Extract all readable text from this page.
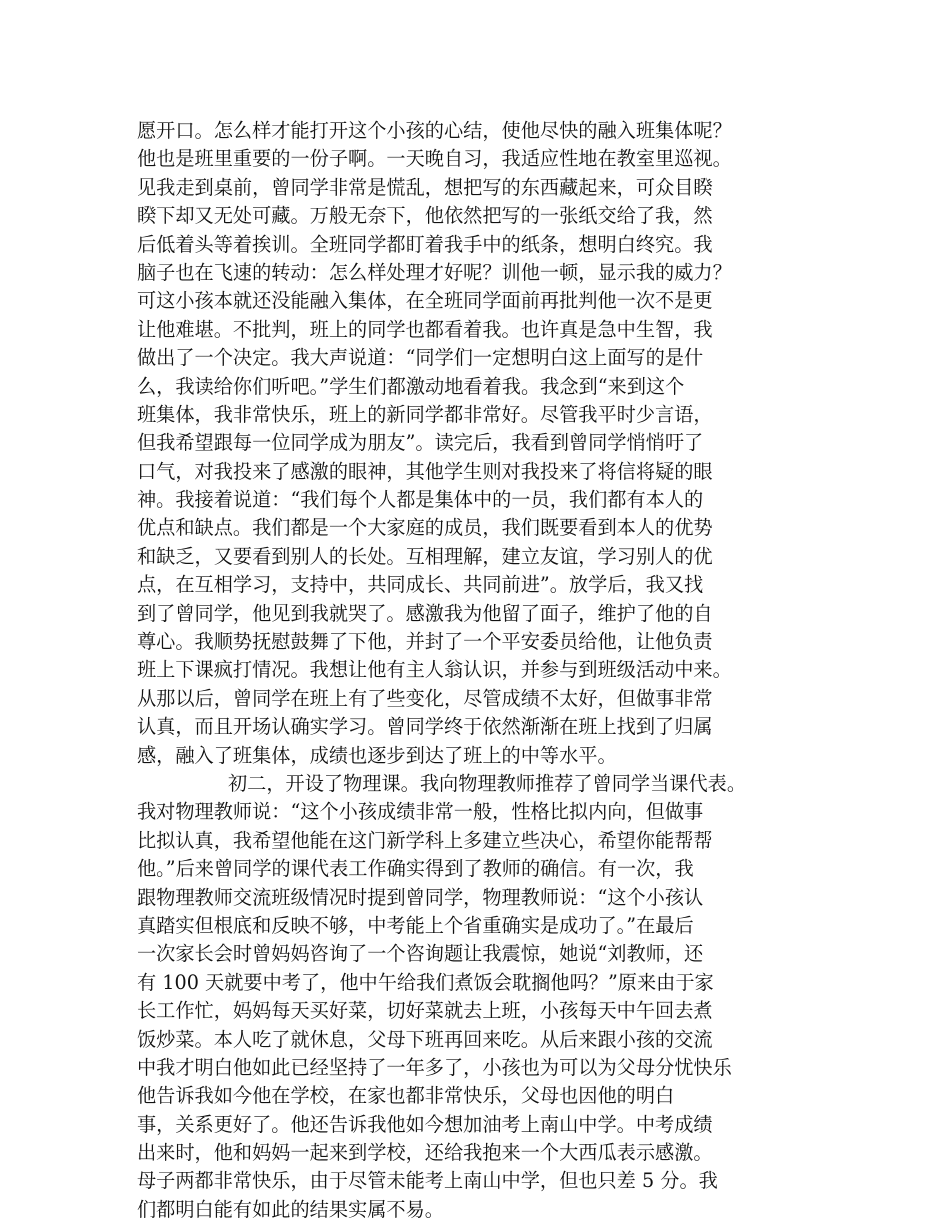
愿开口。怎么样才能打开这个小孩的心结，使他尽快的融入班集体呢？
他也是班里重要的一份子啊。一天晚自习，我适应性地在教室里巡视。
见我走到桌前，曾同学非常是慌乱，想把写的东西藏起来，可众目睽
睽下却又无处可藏。万般无奈下，他依然把写的一张纸交给了我，然
后低着头等着挨训。全班同学都盯着我手中的纸条，想明白终究。我
脑子也在飞速的转动：怎么样处理才好呢？训他一顿，显示我的威力？
可这小孩本就还没能融入集体，在全班同学面前再批判他一次不是更
让他难堪。不批判，班上的同学也都看着我。也许真是急中生智，我
做出了一个决定。我大声说道：“同学们一定想明白这上面写的是什
么，我读给你们听吧。”学生们都激动地看着我。我念到“来到这个
班集体，我非常快乐，班上的新同学都非常好。尽管我平时少言语，
但我希望跟每一位同学成为朋友”。读完后，我看到曾同学悄悄吁了
口气，对我投来了感激的眼神，其他学生则对我投来了将信将疑的眼
神。我接着说道：“我们每个人都是集体中的一员，我们都有本人的
优点和缺点。我们都是一个大家庭的成员，我们既要看到本人的优势
和缺乏，又要看到别人的长处。互相理解，建立友谊，学习别人的优
点，在互相学习，支持中，共同成长、共同前进”。放学后，我又找
到了曾同学，他见到我就哭了。感激我为他留了面子，维护了他的自
尊心。我顺势抚慰鼓舞了下他，并封了一个平安委员给他，让他负责
班上下课疯打情况。我想让他有主人翁认识，并参与到班级活动中来。
从那以后，曾同学在班上有了些变化，尽管成绩不太好，但做事非常
认真，而且开场认确实学习。曾同学终于依然渐渐在班上找到了归属
感，融入了班集体，成绩也逐步到达了班上的中等水平。
初二，开设了物理课。我向物理教师推荐了曾同学当课代表。
我对物理教师说：“这个小孩成绩非常一般，性格比拟内向，但做事
比拟认真，我希望他能在这门新学科上多建立些决心，希望你能帮帮
他。”后来曾同学的课代表工作确实得到了教师的确信。有一次，我
跟物理教师交流班级情况时提到曾同学，物理教师说：“这个小孩认
真踏实但根底和反映不够，中考能上个省重确实是成功了。”在最后
一次家长会时曾妈妈咨询了一个咨询题让我震惊，她说“刘教师，还
有 100 天就要中考了，他中午给我们煮饭会耽搁他吗？”原来由于家
长工作忙，妈妈每天买好菜，切好菜就去上班，小孩每天中午回去煮
饭炒菜。本人吃了就休息，父母下班再回来吃。从后来跟小孩的交流
中我才明白他如此已经坚持了一年多了，小孩也为可以为父母分忧快乐
他告诉我如今他在学校，在家也都非常快乐，父母也因他的明白
事，关系更好了。他还告诉我他如今想加油考上南山中学。中考成绩
出来时，他和妈妈一起来到学校，还给我抱来一个大西瓜表示感激。
母子两都非常快乐，由于尽管未能考上南山中学，但也只差 5 分。我
们都明白能有如此的结果实属不易。
